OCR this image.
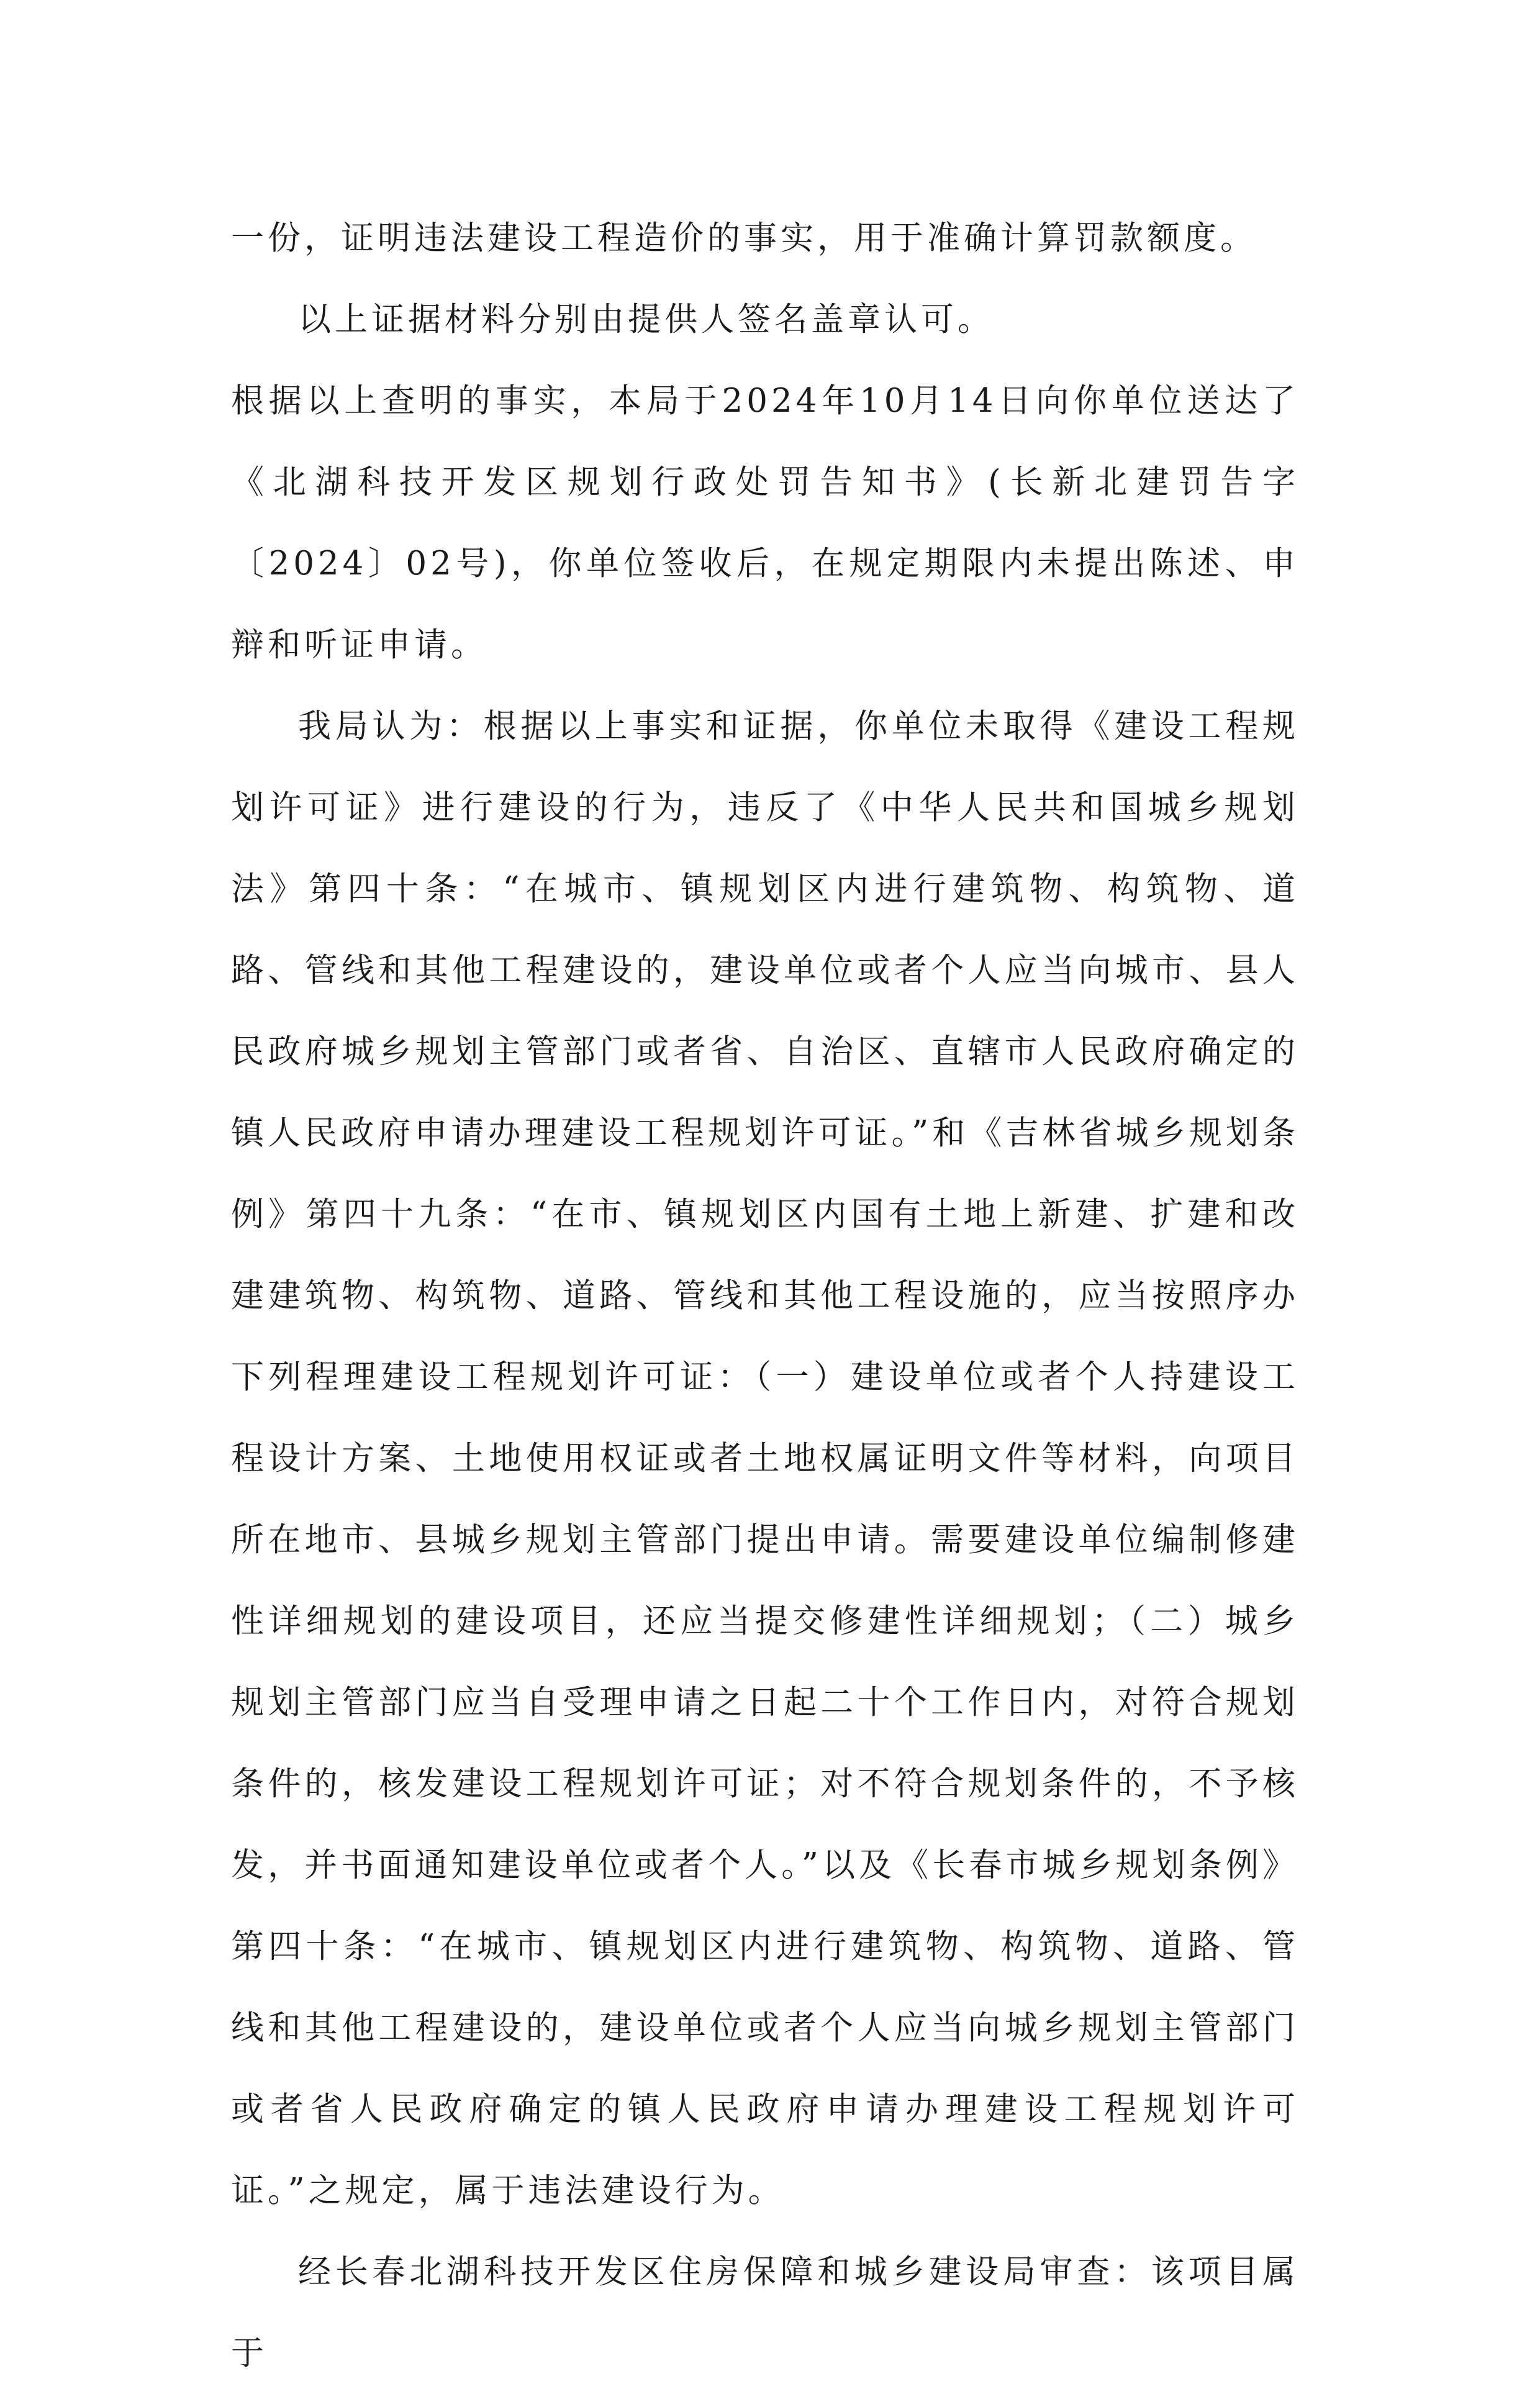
一份，证明违法建设工程造价的事实，用于准确计算罚款额度。

以上证据材料分别由提供人签名盖章认可。

根据以上查明的事实，本局于2024年10月14日向你单位送达了《北湖科技开发区规划行政处罚告知书》(长新北建罚告字〔2024〕02号)，你单位签收后，在规定期限内未提出陈述、申辩和听证申请。

我局认为：根据以上事实和证据，你单位未取得《建设工程规划许可证》进行建设的行为，违反了《中华人民共和国城乡规划法》第四十条：“在城市、镇规划区内进行建筑物、构筑物、道路、管线和其他工程建设的，建设单位或者个人应当向城市、县人民政府城乡规划主管部门或者省、自治区、直辖市人民政府确定的镇人民政府申请办理建设工程规划许可证。”和《吉林省城乡规划条例》第四十九条：“在市、镇规划区内国有土地上新建、扩建和改建建筑物、构筑物、道路、管线和其他工程设施的，应当按照序办下列程理建设工程规划许可证：（一）建设单位或者个人持建设工程设计方案、土地使用权证或者土地权属证明文件等材料，向项目所在地市、县城乡规划主管部门提出申请。需要建设单位编制修建性详细规划的建设项目，还应当提交修建性详细规划；（二）城乡规划主管部门应当自受理申请之日起二十个工作日内，对符合规划条件的，核发建设工程规划许可证；对不符合规划条件的，不予核发，并书面通知建设单位或者个人。”以及《长春市城乡规划条例》第四十条：“在城市、镇规划区内进行建筑物、构筑物、道路、管线和其他工程建设的，建设单位或者个人应当向城乡规划主管部门或者省人民政府确定的镇人民政府申请办理建设工程规划许可证。”之规定，属于违法建设行为。

经长春北湖科技开发区住房保障和城乡建设局审查：该项目属于
